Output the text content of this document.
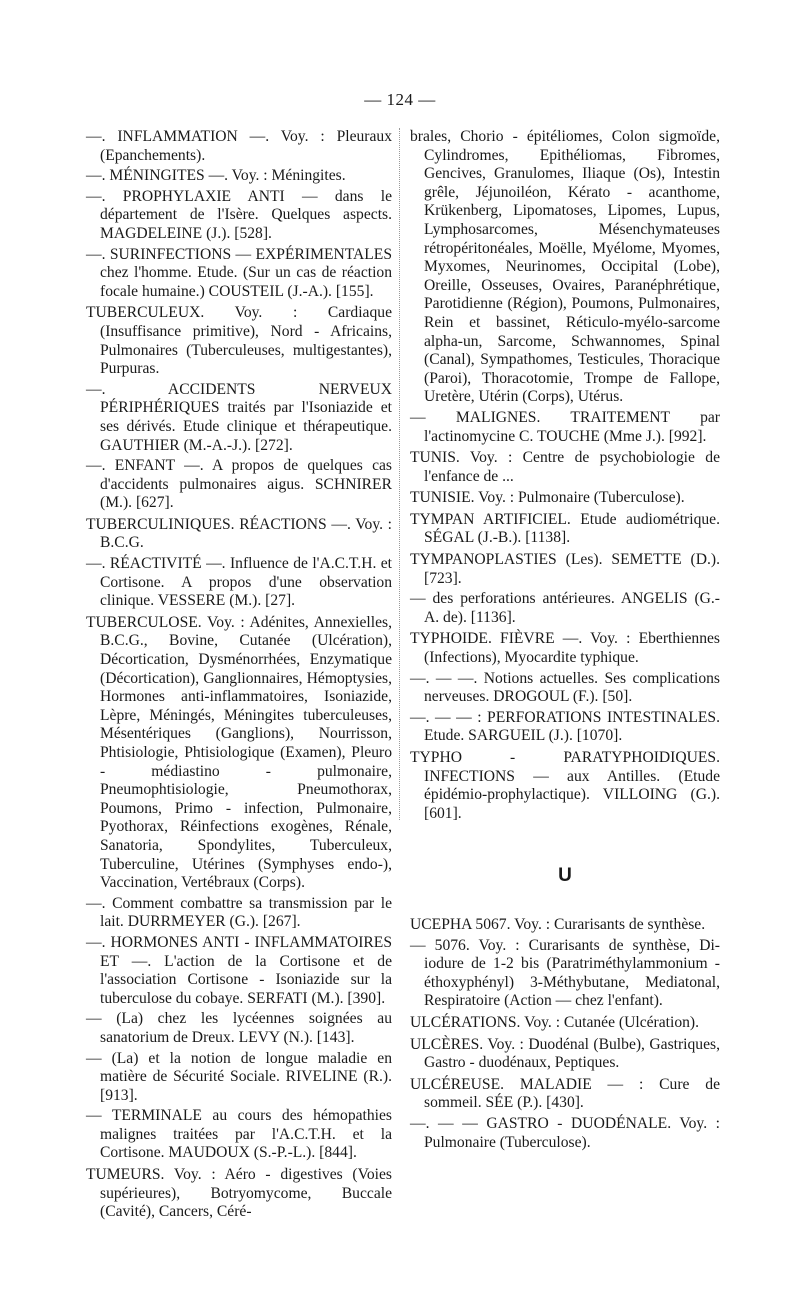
— 124 —

—. INFLAMMATION —. Voy. : Pleuraux (Epanchements).

—. MÉNINGITES —. Voy. : Méningites.

—. PROPHYLAXIE ANTI — dans le département de l'Isère. Quelques aspects. MAGDELEINE (J.). [528].

—. SURINFECTIONS — EXPÉRIMENTALES chez l'homme. Etude. (Sur un cas de réaction focale humaine.) COUSTEIL (J.-A.). [155].

TUBERCULEUX. Voy. : Cardiaque (Insuffisance primitive), Nord - Africains, Pulmonaires (Tuberculeuses, multigestantes), Purpuras.

—. ACCIDENTS NERVEUX PÉRIPHÉRIQUES traités par l'Isoniazide et ses dérivés. Etude clinique et thérapeutique. GAUTHIER (M.-A.-J.). [272].

—. ENFANT —. A propos de quelques cas d'accidents pulmonaires aigus. SCHNIRER (M.). [627].

TUBERCULINIQUES. RÉACTIONS —. Voy. : B.C.G.

—. RÉACTIVITÉ —. Influence de l'A.C.T.H. et Cortisone. A propos d'une observation clinique. VESSERE (M.). [27].

TUBERCULOSE. Voy. : Adénites, Annexielles, B.C.G., Bovine, Cutanée (Ulcération), Décortication, Dysménorrhées, Enzymatique (Décortication), Ganglionnaires, Hémoptysies, Hormones anti-inflammatoires, Isoniazide, Lèpre, Méningés, Méningites tuberculeuses, Mésentériques (Ganglions), Nourrisson, Phtisiologie, Phtisiologique (Examen), Pleuro - médiastino - pulmonaire, Pneumophtisiologie, Pneumothorax, Poumons, Primo - infection, Pulmonaire, Pyothorax, Réinfections exogènes, Rénale, Sanatoria, Spondylites, Tuberculeux, Tuberculine, Utérines (Symphyses endo-), Vaccination, Vertébraux (Corps).

—. Comment combattre sa transmission par le lait. DURRMEYER (G.). [267].

—. HORMONES ANTI - INFLAMMATOIRES ET —. L'action de la Cortisone et de l'association Cortisone - Isoniazide sur la tuberculose du cobaye. SERFATI (M.). [390].

— (La) chez les lycéennes soignées au sanatorium de Dreux. LEVY (N.). [143].

— (La) et la notion de longue maladie en matière de Sécurité Sociale. RIVELINE (R.). [913].

— TERMINALE au cours des hémopathies malignes traitées par l'A.C.T.H. et la Cortisone. MAUDOUX (S.-P.-L.). [844].

TUMEURS. Voy. : Aéro - digestives (Voies supérieures), Botryomycome, Buccale (Cavité), Cancers, Céré-

brales, Chorio - épitéliomes, Colon sigmoïde, Cylindromes, Epithéliomas, Fibromes, Gencives, Granulomes, Iliaque (Os), Intestin grêle, Jéjunoiléon, Kérato - acanthome, Krükenberg, Lipomatoses, Lipomes, Lupus, Lymphosarcomes, Mésenchymateuses rétropéritonéales, Moëlle, Myélome, Myomes, Myxomes, Neurinomes, Occipital (Lobe), Oreille, Osseuses, Ovaires, Paranéphrétique, Parotidienne (Région), Poumons, Pulmonaires, Rein et bassinet, Réticulo-myélo-sarcome alpha-un, Sarcome, Schwannomes, Spinal (Canal), Sympathomes, Testicules, Thoracique (Paroi), Thoracotomie, Trompe de Fallope, Uretère, Utérin (Corps), Utérus.

— MALIGNES. TRAITEMENT par l'actinomycine C. TOUCHE (Mme J.). [992].

TUNIS. Voy. : Centre de psychobiologie de l'enfance de ...

TUNISIE. Voy. : Pulmonaire (Tuberculose).

TYMPAN ARTIFICIEL. Etude audiométrique. SÉGAL (J.-B.). [1138].

TYMPANOPLASTIES (Les). SEMETTE (D.). [723].

— des perforations antérieures. ANGELIS (G.-A. de). [1136].

TYPHOIDE. FIÈVRE —. Voy. : Eberthiennes (Infections), Myocardite typhique.

—. — —. Notions actuelles. Ses complications nerveuses. DROGOUL (F.). [50].

—. — — : PERFORATIONS INTESTINALES. Etude. SARGUEIL (J.). [1070].

TYPHO - PARATYPHOIDIQUES. INFECTIONS — aux Antilles. (Etude épidémio-prophylactique). VILLOING (G.). [601].

U

UCEPHA 5067. Voy. : Curarisants de synthèse.

— 5076. Voy. : Curarisants de synthèse, Di-iodure de 1-2 bis (Paratriméthylammonium - éthoxyphényl) 3-Méthybutane, Mediatonal, Respiratoire (Action — chez l'enfant).

ULCÉRATIONS. Voy. : Cutanée (Ulcération).

ULCÈRES. Voy. : Duodénal (Bulbe), Gastriques, Gastro - duodénaux, Peptiques.

ULCÉREUSE. MALADIE — : Cure de sommeil. SÉE (P.). [430].

—. — — GASTRO - DUODÉNALE. Voy. : Pulmonaire (Tuberculose).
